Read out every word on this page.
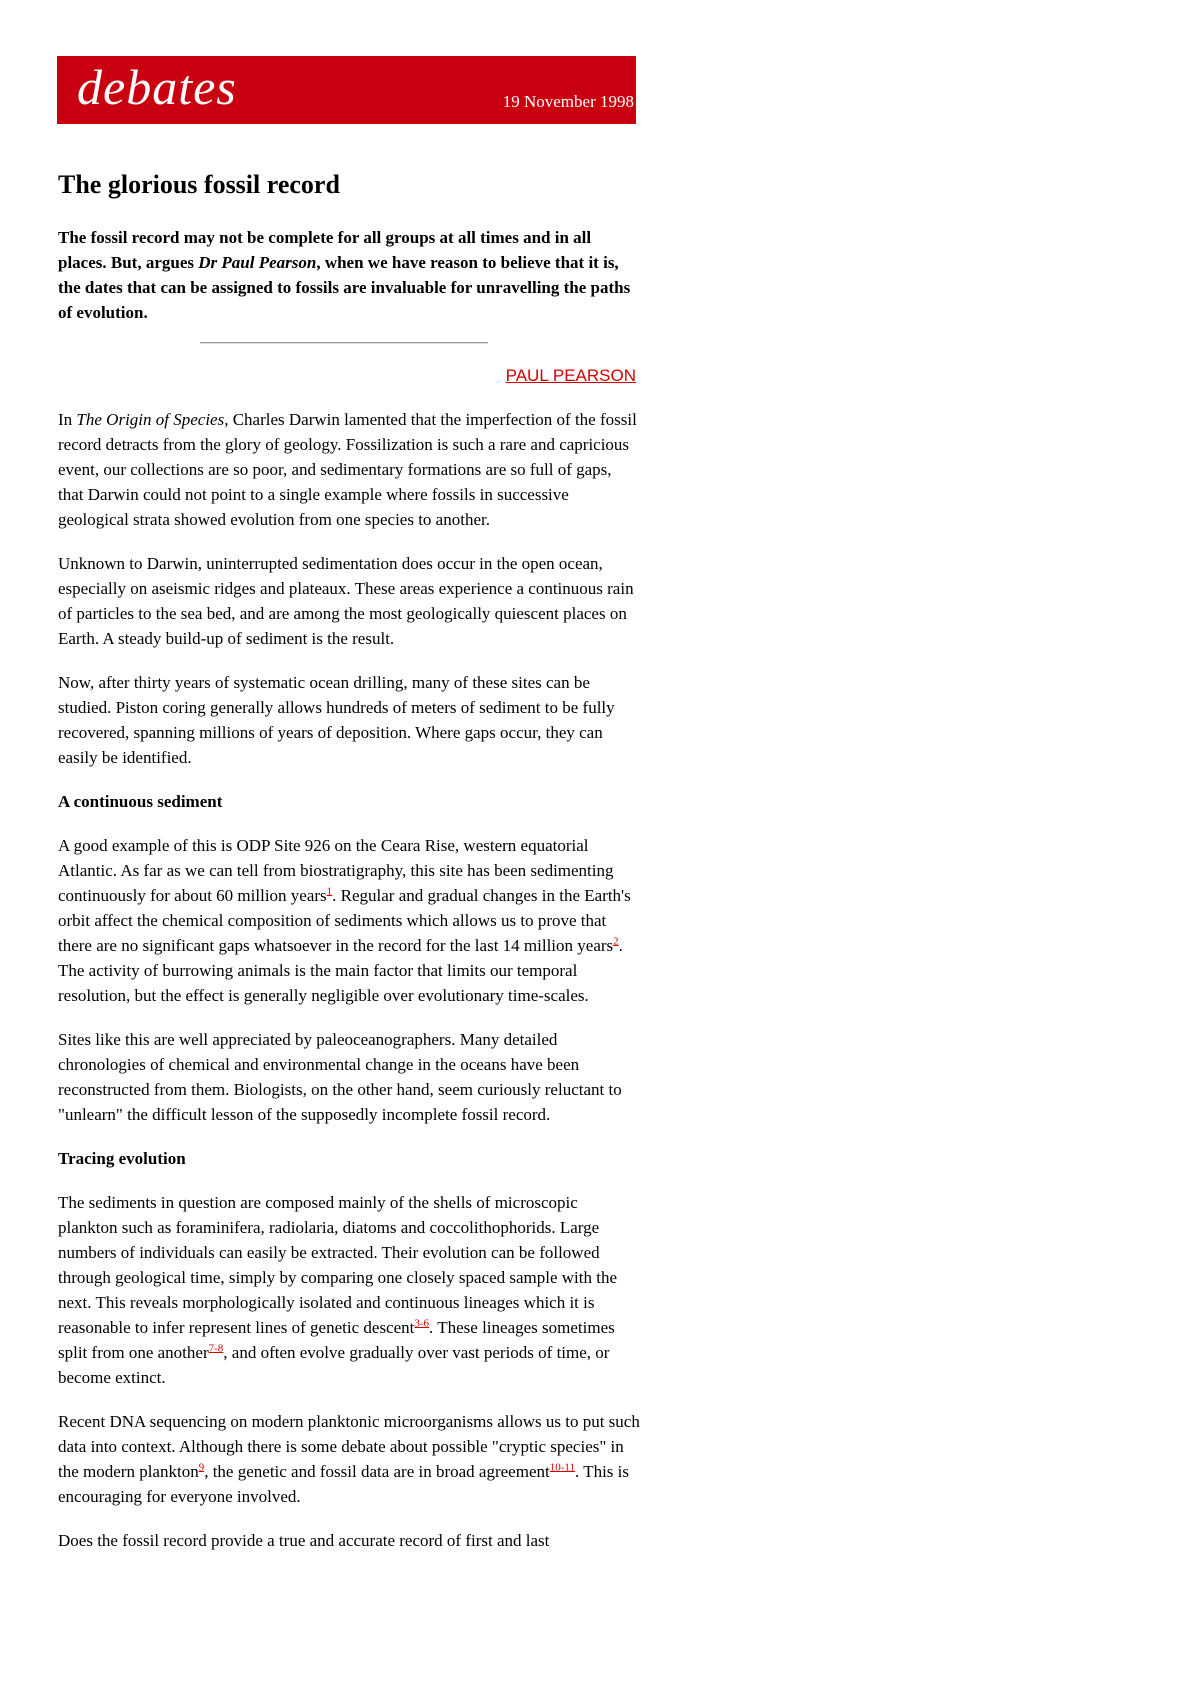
debates	19 November 1998
The glorious fossil record

The fossil record may not be complete for all groups at all times and in all places. But, argues Dr Paul Pearson, when we have reason to believe that it is, the dates that can be assigned to fossils are invaluable for unravelling the paths of evolution.

PAUL PEARSON

In The Origin of Species, Charles Darwin lamented that the imperfection of the fossil record detracts from the glory of geology. Fossilization is such a rare and capricious event, our collections are so poor, and sedimentary formations are so full of gaps, that Darwin could not point to a single example where fossils in successive geological strata showed evolution from one species to another.

Unknown to Darwin, uninterrupted sedimentation does occur in the open ocean, especially on aseismic ridges and plateaux. These areas experience a continuous rain of particles to the sea bed, and are among the most geologically quiescent places on Earth. A steady build-up of sediment is the result.

Now, after thirty years of systematic ocean drilling, many of these sites can be studied. Piston coring generally allows hundreds of meters of sediment to be fully recovered, spanning millions of years of deposition. Where gaps occur, they can easily be identified.

A continuous sediment

A good example of this is ODP Site 926 on the Ceara Rise, western equatorial Atlantic. As far as we can tell from biostratigraphy, this site has been sedimenting continuously for about 60 million years$^1$. Regular and gradual changes in the Earth's orbit affect the chemical composition of sediments which allows us to prove that there are no significant gaps whatsoever in the record for the last 14 million years$^2$. The activity of burrowing animals is the main factor that limits our temporal resolution, but the effect is generally negligible over evolutionary time-scales.

Sites like this are well appreciated by paleoceanographers. Many detailed chronologies of chemical and environmental change in the oceans have been reconstructed from them. Biologists, on the other hand, seem curiously reluctant to "unlearn" the difficult lesson of the supposedly incomplete fossil record.

Tracing evolution

The sediments in question are composed mainly of the shells of microscopic plankton such as foraminifera, radiolaria, diatoms and coccolithophorids. Large numbers of individuals can easily be extracted. Their evolution can be followed through geological time, simply by comparing one closely spaced sample with the next. This reveals morphologically isolated and continuous lineages which it is reasonable to infer represent lines of genetic descent$^{3-6}$. These lineages sometimes split from one another$^{7-8}$, and often evolve gradually over vast periods of time, or become extinct.

Recent DNA sequencing on modern planktonic microorganisms allows us to put such data into context. Although there is some debate about possible "cryptic species" in the modern plankton$^9$, the genetic and fossil data are in broad agreement$^{10-11}$. This is encouraging for everyone involved.

Does the fossil record provide a true and accurate record of first and last
